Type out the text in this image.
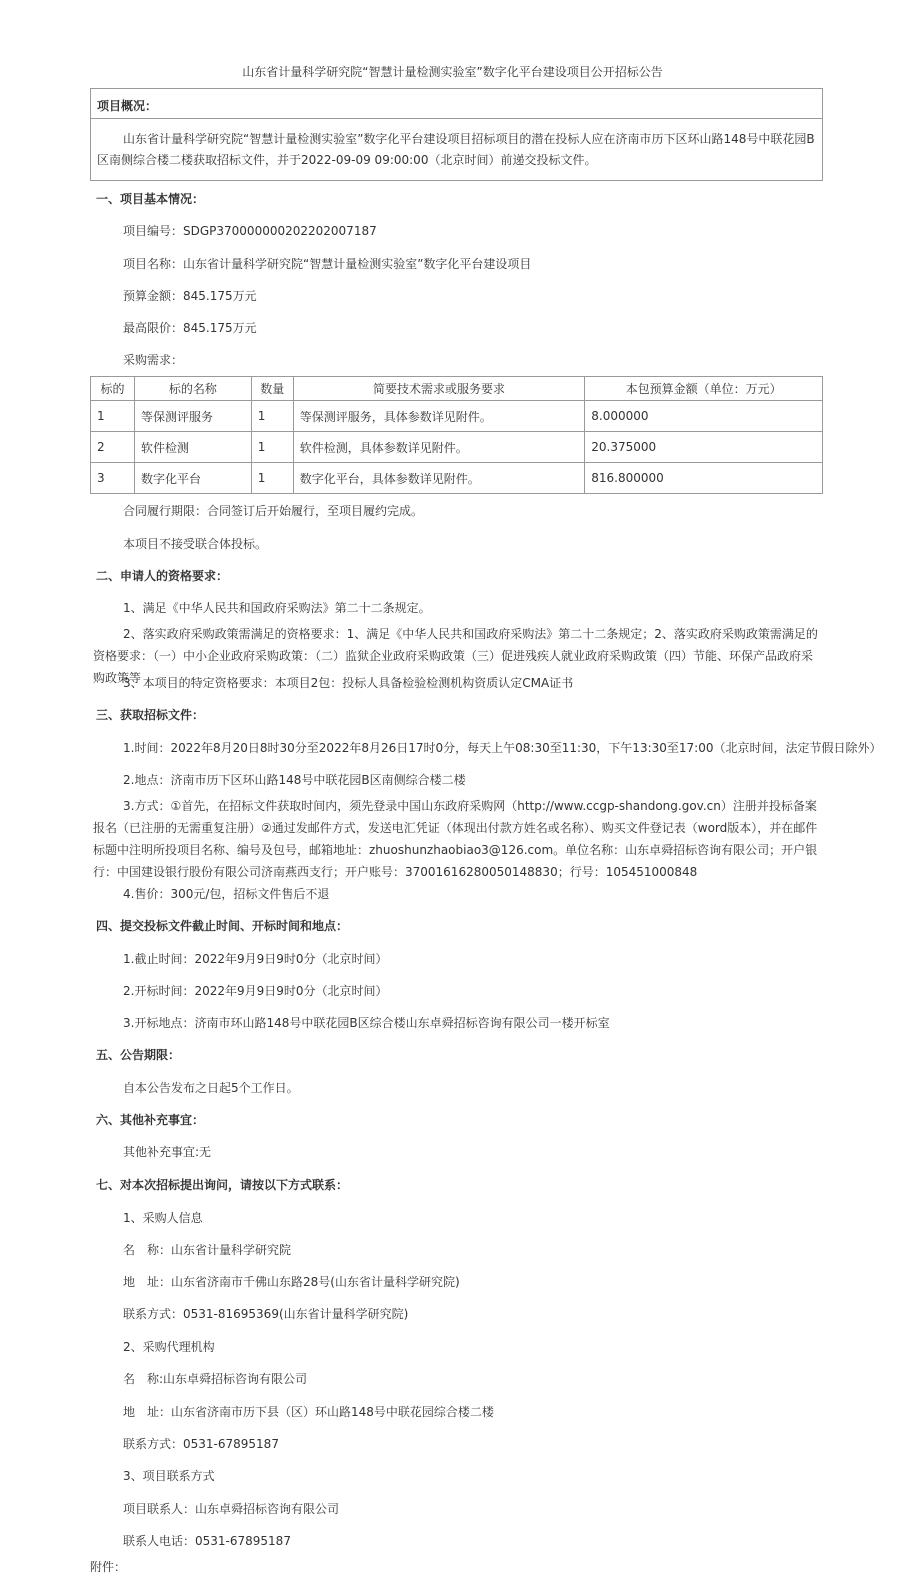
山东省计量科学研究院“智慧计量检测实验室”数字化平台建设项目公开招标公告
项目概况：
山东省计量科学研究院“智慧计量检测实验室”数字化平台建设项目招标项目的潜在投标人应在济南市历下区环山路148号中联花园B区南侧综合楼二楼获取招标文件，并于2022-09-09 09:00:00（北京时间）前递交投标文件。
一、项目基本情况：
项目编号：SDGP370000000202202007187
项目名称：山东省计量科学研究院“智慧计量检测实验室”数字化平台建设项目
预算金额：845.175万元
最高限价：845.175万元
采购需求：
标的	标的名称	数量	简要技术需求或服务要求	本包预算金额（单位：万元）
1	等保测评服务	1	等保测评服务，具体参数详见附件。	8.000000
2	软件检测	1	软件检测，具体参数详见附件。	20.375000
3	数字化平台	1	数字化平台，具体参数详见附件。	816.800000
合同履行期限：合同签订后开始履行，至项目履约完成。
本项目不接受联合体投标。
二、申请人的资格要求：
1、满足《中华人民共和国政府采购法》第二十二条规定。
2、落实政府采购政策需满足的资格要求：1、满足《中华人民共和国政府采购法》第二十二条规定；2、落实政府采购政策需满足的资格要求：（一）中小企业政府采购政策：（二）监狱企业政府采购政策（三）促进残疾人就业政府采购政策（四）节能、环保产品政府采购政策等
3、本项目的特定资格要求：本项目2包：投标人具备检验检测机构资质认定CMA证书
三、获取招标文件：
1.时间：2022年8月20日8时30分至2022年8月26日17时0分，每天上午08:30至11:30，下午13:30至17:00（北京时间，法定节假日除外）
2.地点：济南市历下区环山路148号中联花园B区南侧综合楼二楼
3.方式：①首先，在招标文件获取时间内，须先登录中国山东政府采购网（http://www.ccgp-shandong.gov.cn）注册并投标备案报名（已注册的无需重复注册）②通过发邮件方式，发送电汇凭证（体现出付款方姓名或名称）、购买文件登记表（word版本），并在邮件标题中注明所投项目名称、编号及包号，邮箱地址：zhuoshunzhaobiao3@126.com。单位名称：山东卓舜招标咨询有限公司；开户银行：中国建设银行股份有限公司济南燕西支行；开户账号：37001616280050148830；行号：105451000848
4.售价：300元/包，招标文件售后不退
四、提交投标文件截止时间、开标时间和地点：
1.截止时间：2022年9月9日9时0分（北京时间）
2.开标时间：2022年9月9日9时0分（北京时间）
3.开标地点：济南市环山路148号中联花园B区综合楼山东卓舜招标咨询有限公司一楼开标室
五、公告期限：
自本公告发布之日起5个工作日。
六、其他补充事宜：
其他补充事宜:无
七、对本次招标提出询问，请按以下方式联系：
1、采购人信息
名　称：山东省计量科学研究院
地　址：山东省济南市千佛山东路28号(山东省计量科学研究院)
联系方式：0531-81695369(山东省计量科学研究院)
2、采购代理机构
名　称:山东卓舜招标咨询有限公司
地　址：山东省济南市历下县（区）环山路148号中联花园综合楼二楼
联系方式：0531-67895187
3、项目联系方式
项目联系人：山东卓舜招标咨询有限公司
联系人电话：0531-67895187
附件：
